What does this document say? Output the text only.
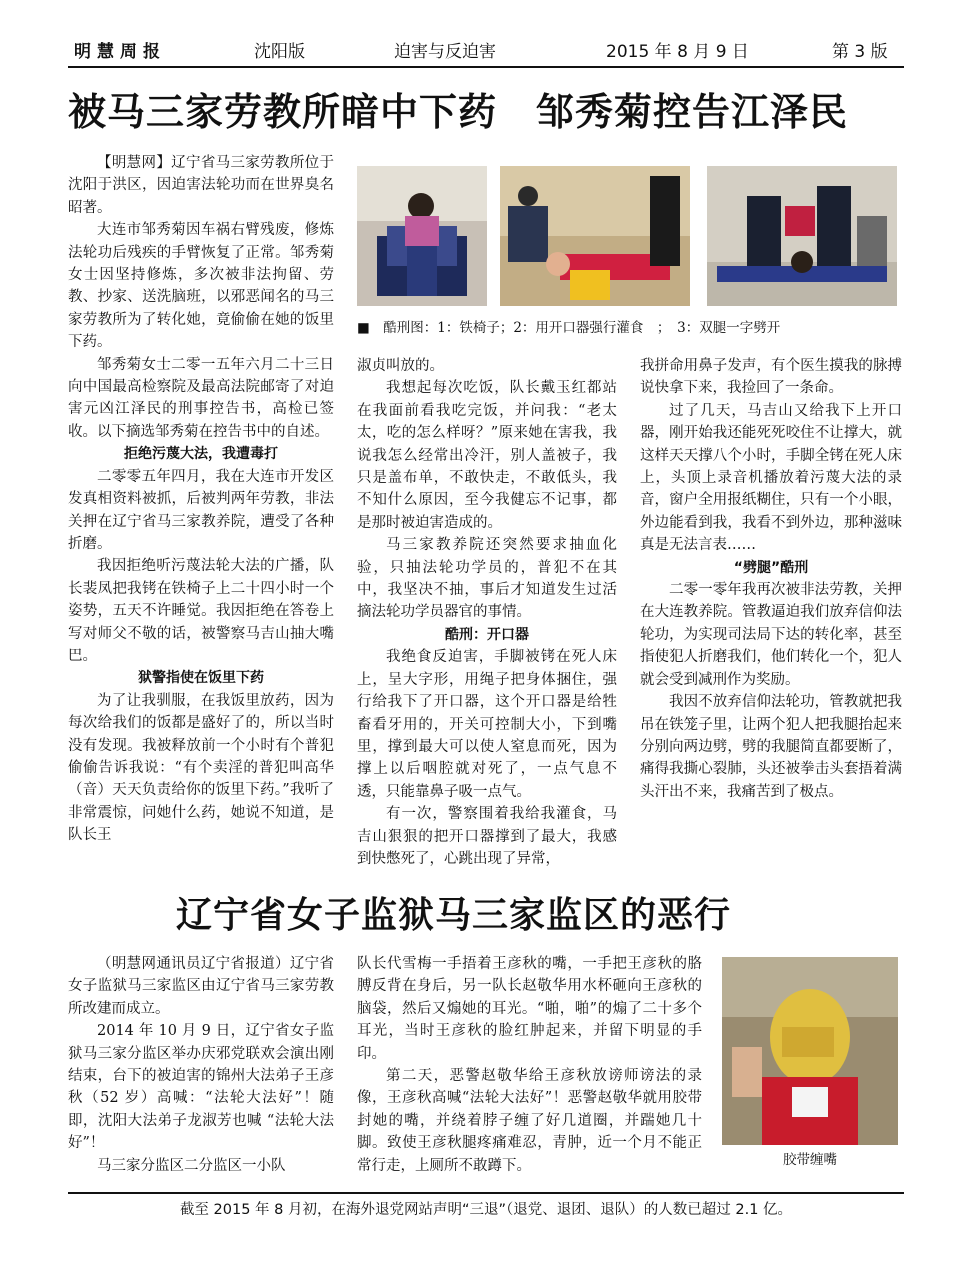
明慧周报	沈阳版	迫害与反迫害	2015 年 8 月 9 日	第 3 版
被马三家劳教所暗中下药　邹秀菊控告江泽民

【明慧网】辽宁省马三家劳教所位于沈阳于洪区，因迫害法轮功而在世界臭名昭著。

大连市邹秀菊因车祸右臂残废，修炼法轮功后残疾的手臂恢复了正常。邹秀菊女士因坚持修炼，多次被非法拘留、劳教、抄家、送洗脑班，以邪恶闻名的马三家劳教所为了转化她，竟偷偷在她的饭里下药。

邹秀菊女士二零一五年六月二十三日向中国最高检察院及最高法院邮寄了对迫害元凶江泽民的刑事控告书，高检已签收。以下摘选邹秀菊在控告书中的自述。

拒绝污蔑大法，我遭毒打

二零零五年四月，我在大连市开发区发真相资料被抓，后被判两年劳教，非法关押在辽宁省马三家教养院，遭受了各种折磨。

我因拒绝听污蔑法轮大法的广播，队长裴凤把我铐在铁椅子上二十四小时一个姿势，五天不许睡觉。我因拒绝在答卷上写对师父不敬的话，被警察马吉山抽大嘴巴。

狱警指使在饭里下药

为了让我驯服，在我饭里放药，因为每次给我们的饭都是盛好了的，所以当时没有发现。我被释放前一个小时有个普犯偷偷告诉我说：“有个卖淫的普犯叫高华（音）天天负责给你的饭里下药。”我听了非常震惊，问她什么药，她说不知道，是队长王

■　酷刑图：1：铁椅子；2：用开口器强行灌食　；　3：双腿一字劈开

淑贞叫放的。

我想起每次吃饭，队长戴玉红都站在我面前看我吃完饭，并问我：“老太太，吃的怎么样呀？”原来她在害我，我说我怎么经常出冷汗，别人盖被子，我只是盖布单，不敢快走，不敢低头，我不知什么原因，至今我健忘不记事，都是那时被迫害造成的。

马三家教养院还突然要求抽血化验，只抽法轮功学员的，普犯不在其中，我坚决不抽，事后才知道发生过活摘法轮功学员器官的事情。

酷刑：开口器

我绝食反迫害，手脚被铐在死人床上，呈大字形，用绳子把身体捆住，强行给我下了开口器，这个开口器是给牲畜看牙用的，开关可控制大小，下到嘴里，撑到最大可以使人窒息而死，因为撑上以后咽腔就对死了，一点气息不透，只能靠鼻子吸一点气。

有一次，警察围着我给我灌食，马吉山狠狠的把开口器撑到了最大，我感到快憋死了，心跳出现了异常，

我拼命用鼻子发声，有个医生摸我的脉搏说快拿下来，我捡回了一条命。

过了几天，马吉山又给我下上开口器，刚开始我还能死死咬住不让撑大，就这样天天撑八个小时，手脚全铐在死人床上，头顶上录音机播放着污蔑大法的录音，窗户全用报纸糊住，只有一个小眼，外边能看到我，我看不到外边，那种滋味真是无法言表……

“劈腿”酷刑

二零一零年我再次被非法劳教，关押在大连教养院。管教逼迫我们放弃信仰法轮功，为实现司法局下达的转化率，甚至指使犯人折磨我们，他们转化一个，犯人就会受到减刑作为奖励。

我因不放弃信仰法轮功，管教就把我吊在铁笼子里，让两个犯人把我腿抬起来分别向两边劈，劈的我腿简直都要断了，痛得我撕心裂肺，头还被拳击头套捂着满头汗出不来，我痛苦到了极点。

辽宁省女子监狱马三家监区的恶行

（明慧网通讯员辽宁省报道）辽宁省女子监狱马三家监区由辽宁省马三家劳教所改建而成立。

2014 年 10 月 9 日，辽宁省女子监狱马三家分监区举办庆邪党联欢会演出刚结束，台下的被迫害的锦州大法弟子王彦秋（52 岁）高喊：“法轮大法好”！随即，沈阳大法弟子龙淑芳也喊 “法轮大法好”！

马三家分监区二分监区一小队

队长代雪梅一手捂着王彦秋的嘴，一手把王彦秋的胳膊反背在身后，另一队长赵敬华用水杯砸向王彦秋的脑袋，然后又煽她的耳光。“啪，啪”的煽了二十多个耳光，当时王彦秋的脸红肿起来，并留下明显的手印。

第二天，恶警赵敬华给王彦秋放谤师谤法的录像，王彦秋高喊“法轮大法好”！恶警赵敬华就用胶带封她的嘴，并绕着脖子缠了好几道圈，并踹她几十脚。致使王彦秋腿疼痛难忍，青肿，近一个月不能正常行走，上厕所不敢蹲下。	胶带缠嘴
截至 2015 年 8 月初，在海外退党网站声明“三退”（退党、退团、退队）的人数已超过 2.1 亿。
